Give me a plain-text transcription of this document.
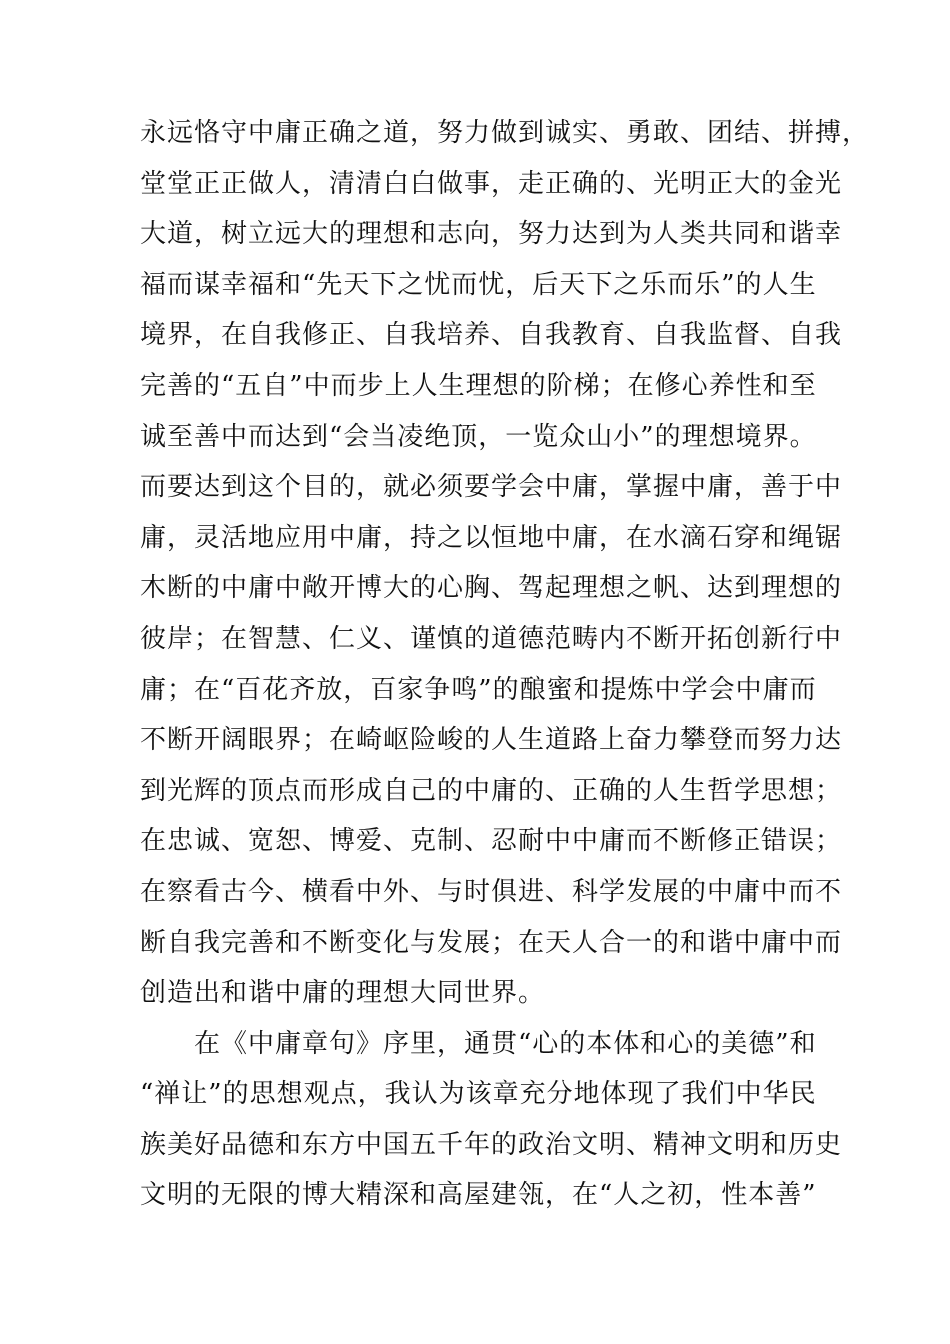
永远恪守中庸正确之道，努力做到诚实、勇敢、团结、拼搏，
堂堂正正做人，清清白白做事，走正确的、光明正大的金光
大道，树立远大的理想和志向，努力达到为人类共同和谐幸
福而谋幸福和“先天下之忧而忧，后天下之乐而乐”的人生
境界，在自我修正、自我培养、自我教育、自我监督、自我
完善的“五自”中而步上人生理想的阶梯；在修心养性和至
诚至善中而达到“会当凌绝顶，一览众山小”的理想境界。
而要达到这个目的，就必须要学会中庸，掌握中庸，善于中
庸，灵活地应用中庸，持之以恒地中庸，在水滴石穿和绳锯
木断的中庸中敞开博大的心胸、驾起理想之帆、达到理想的
彼岸；在智慧、仁义、谨慎的道德范畴内不断开拓创新行中
庸；在“百花齐放，百家争鸣”的酿蜜和提炼中学会中庸而
不断开阔眼界；在崎岖险峻的人生道路上奋力攀登而努力达
到光辉的顶点而形成自己的中庸的、正确的人生哲学思想；
在忠诚、宽恕、博爱、克制、忍耐中中庸而不断修正错误；
在察看古今、横看中外、与时俱进、科学发展的中庸中而不
断自我完善和不断变化与发展；在天人合一的和谐中庸中而
创造出和谐中庸的理想大同世界。
　　在《中庸章句》序里，通贯“心的本体和心的美德”和
“禅让”的思想观点，我认为该章充分地体现了我们中华民
族美好品德和东方中国五千年的政治文明、精神文明和历史
文明的无限的博大精深和高屋建瓴，在“人之初，性本善”
